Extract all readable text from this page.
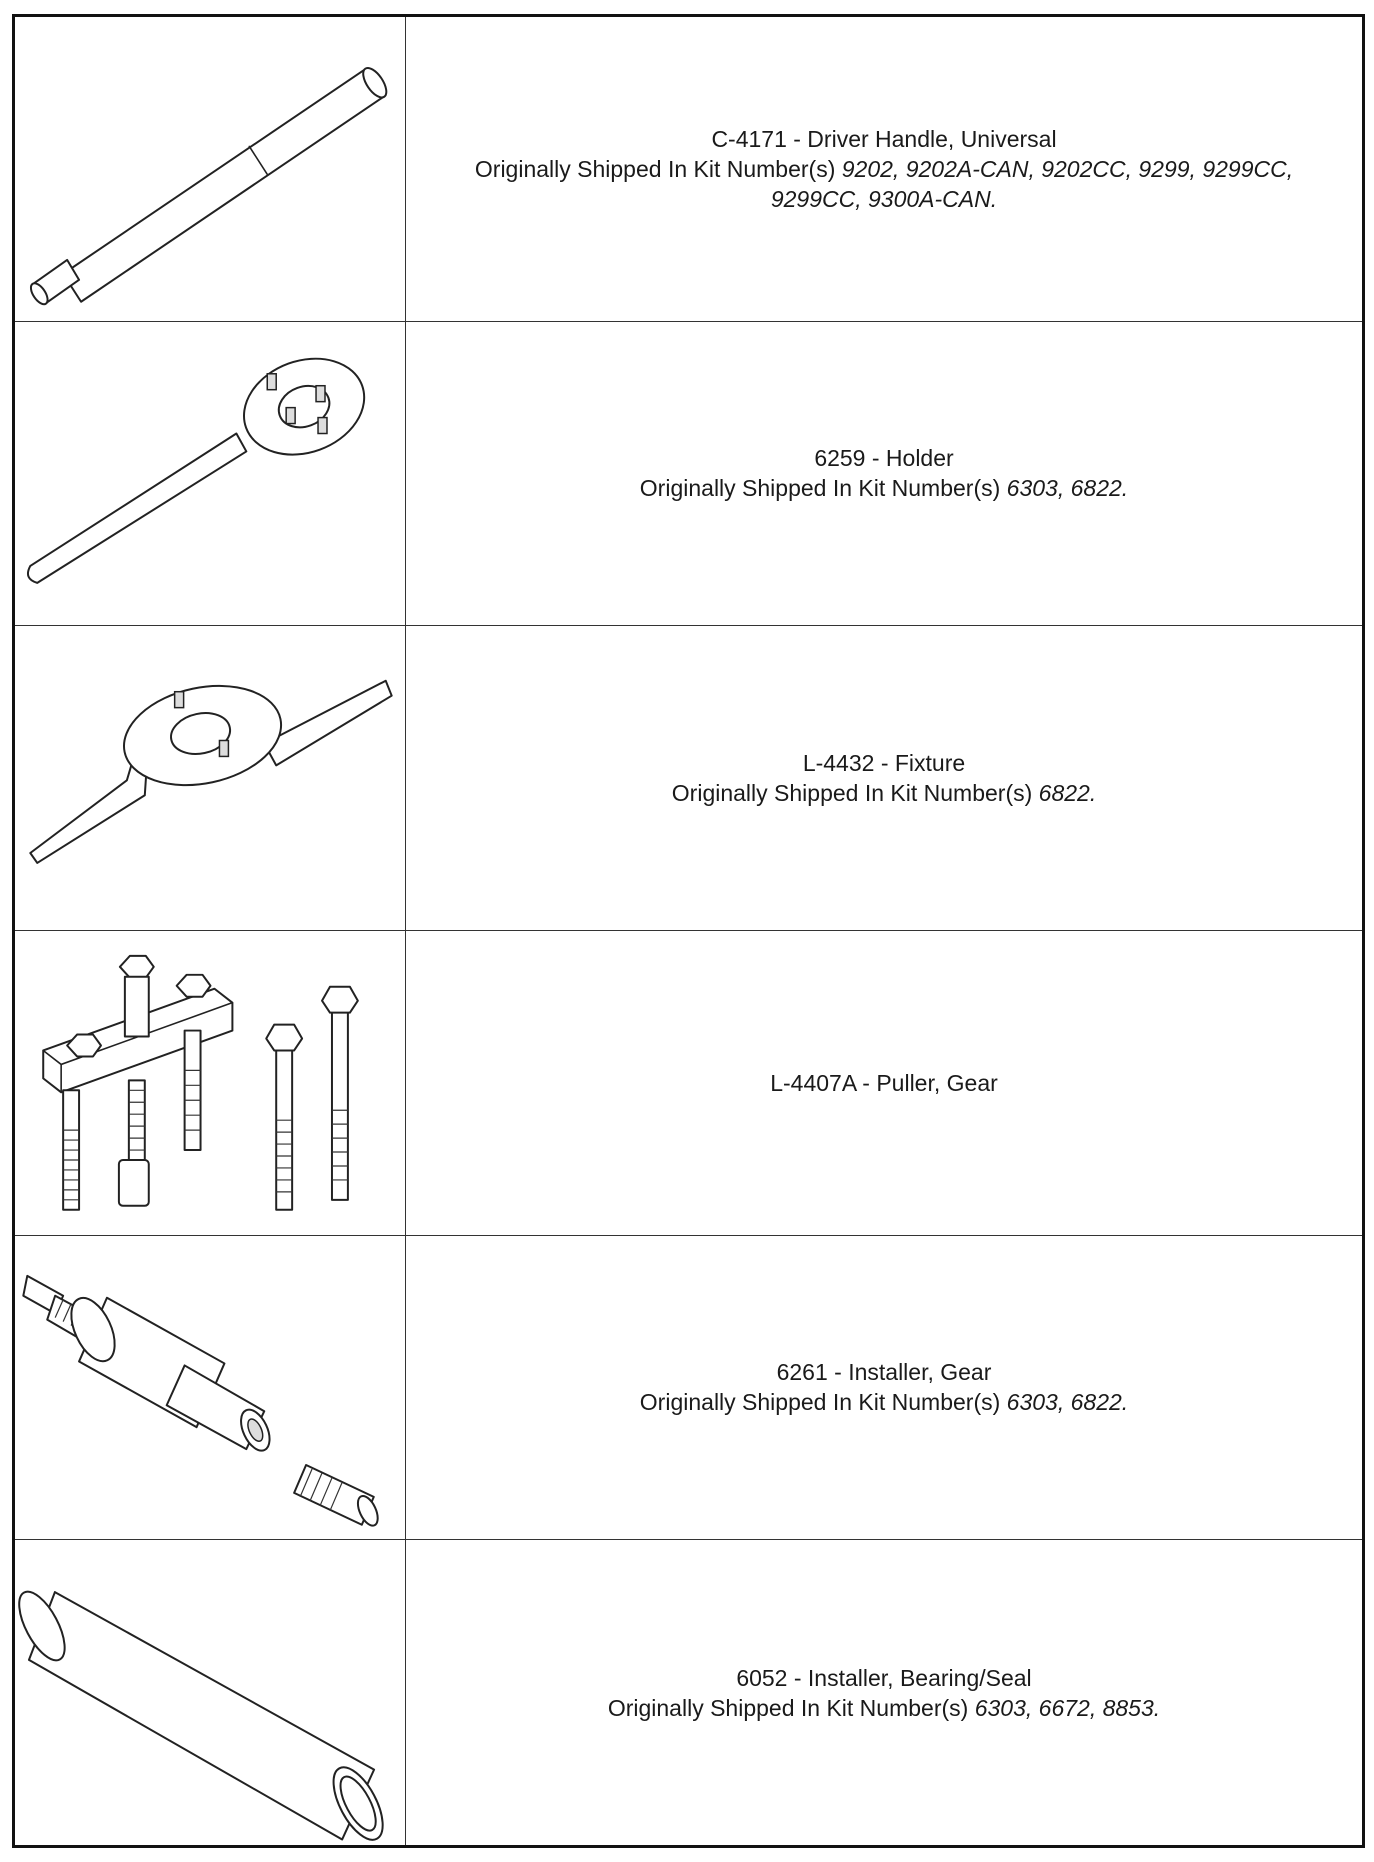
C-4171 - Driver Handle, Universal
Originally Shipped In Kit Number(s) 9202, 9202A-CAN, 9202CC, 9299, 9299CC, 9299CC, 9300A-CAN.
6259 - Holder
Originally Shipped In Kit Number(s) 6303, 6822.
L-4432 - Fixture
Originally Shipped In Kit Number(s) 6822.
L-4407A - Puller, Gear
6261 - Installer, Gear
Originally Shipped In Kit Number(s) 6303, 6822.
6052 - Installer, Bearing/Seal
Originally Shipped In Kit Number(s) 6303, 6672, 8853.
